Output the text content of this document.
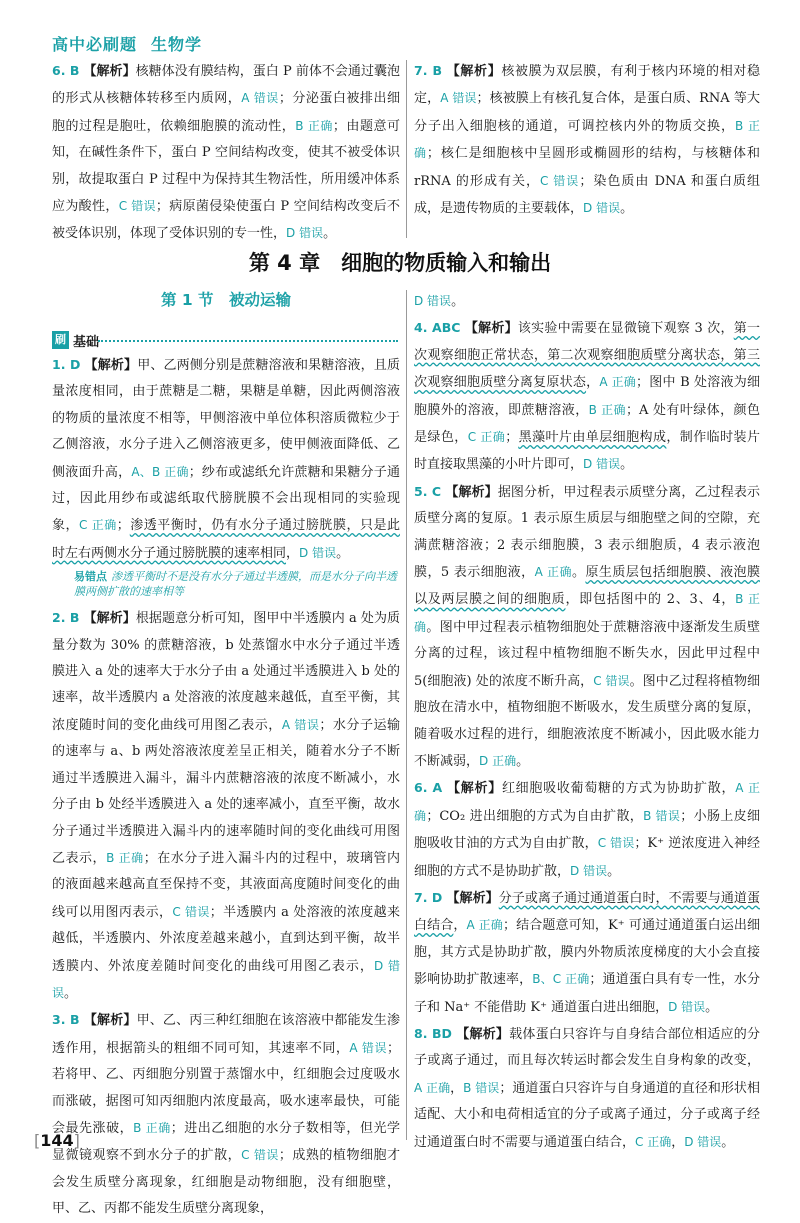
高中必刷题 生物学

6. B 【解析】核糖体没有膜结构，蛋白 P 前体不会通过囊泡的形式从核糖体转移至内质网，A 错误；分泌蛋白被排出细胞的过程是胞吐，依赖细胞膜的流动性，B 正确；由题意可知，在碱性条件下，蛋白 P 空间结构改变，使其不被受体识别，故提取蛋白 P 过程中为保持其生物活性，所用缓冲体系应为酸性，C 错误；病原菌侵染使蛋白 P 空间结构改变后不被受体识别，体现了受体识别的专一性，D 错误。

7. B 【解析】核被膜为双层膜，有利于核内环境的相对稳定，A 错误；核被膜上有核孔复合体，是蛋白质、RNA 等大分子出入细胞核的通道，可调控核内外的物质交换，B 正确；核仁是细胞核中呈圆形或椭圆形的结构，与核糖体和 rRNA 的形成有关，C 错误；染色质由 DNA 和蛋白质组成，是遗传物质的主要载体，D 错误。

第 4 章　细胞的物质输入和输出
第 1 节　被动运输
刷 基础

1. D 【解析】甲、乙两侧分别是蔗糖溶液和果糖溶液，且质量浓度相同，由于蔗糖是二糖，果糖是单糖，因此两侧溶液的物质的量浓度不相等，甲侧溶液中单位体积溶质微粒少于乙侧溶液，水分子进入乙侧溶液更多，使甲侧液面降低、乙侧液面升高，A、B 正确；纱布或滤纸允许蔗糖和果糖分子通过，因此用纱布或滤纸取代膀胱膜不会出现相同的实验现象，C 正确；渗透平衡时，仍有水分子通过膀胱膜，只是此时左右两侧水分子通过膀胱膜的速率相同，D 错误。

易错点 渗透平衡时不是没有水分子通过半透膜，而是水分子向半透膜两侧扩散的速率相等

2. B 【解析】根据题意分析可知，图甲中半透膜内 a 处为质量分数为 30% 的蔗糖溶液，b 处蒸馏水中水分子通过半透膜进入 a 处的速率大于水分子由 a 处通过半透膜进入 b 处的速率，故半透膜内 a 处溶液的浓度越来越低，直至平衡，其浓度随时间的变化曲线可用图乙表示，A 错误；水分子运输的速率与 a、b 两处溶液浓度差呈正相关，随着水分子不断通过半透膜进入漏斗，漏斗内蔗糖溶液的浓度不断减小，水分子由 b 处经半透膜进入 a 处的速率减小，直至平衡，故水分子通过半透膜进入漏斗内的速率随时间的变化曲线可用图乙表示，B 正确；在水分子进入漏斗内的过程中，玻璃管内的液面越来越高直至保持不变，其液面高度随时间变化的曲线可以用图丙表示，C 错误；半透膜内 a 处溶液的浓度越来越低，半透膜内、外浓度差越来越小，直到达到平衡，故半透膜内、外浓度差随时间变化的曲线可用图乙表示，D 错误。

3. B 【解析】甲、乙、丙三种红细胞在该溶液中都能发生渗透作用，根据箭头的粗细不同可知，其速率不同，A 错误；若将甲、乙、丙细胞分别置于蒸馏水中，红细胞会过度吸水而涨破，据图可知丙细胞内浓度最高，吸水速率最快，可能会最先涨破，B 正确；进出乙细胞的水分子数相等，但光学显微镜观察不到水分子的扩散，C 错误；成熟的植物细胞才会发生质壁分离现象，红细胞是动物细胞，没有细胞壁，甲、乙、丙都不能发生质壁分离现象，

D 错误。

4. ABC 【解析】该实验中需要在显微镜下观察 3 次，第一次观察细胞正常状态，第二次观察细胞质壁分离状态，第三次观察细胞质壁分离复原状态，A 正确；图中 B 处溶液为细胞膜外的溶液，即蔗糖溶液，B 正确；A 处有叶绿体，颜色是绿色，C 正确；黑藻叶片由单层细胞构成，制作临时装片时直接取黑藻的小叶片即可，D 错误。

5. C 【解析】据图分析，甲过程表示质壁分离，乙过程表示质壁分离的复原。1 表示原生质层与细胞壁之间的空隙，充满蔗糖溶液；2 表示细胞膜，3 表示细胞质，4 表示液泡膜，5 表示细胞液，A 正确。原生质层包括细胞膜、液泡膜以及两层膜之间的细胞质，即包括图中的 2、3、4，B 正确。图中甲过程表示植物细胞处于蔗糖溶液中逐渐发生质壁分离的过程，该过程中植物细胞不断失水，因此甲过程中 5(细胞液) 处的浓度不断升高，C 错误。图中乙过程将植物细胞放在清水中，植物细胞不断吸水，发生质壁分离的复原，随着吸水过程的进行，细胞液浓度不断减小，因此吸水能力不断减弱，D 正确。

6. A 【解析】红细胞吸收葡萄糖的方式为协助扩散，A 正确；CO₂ 进出细胞的方式为自由扩散，B 错误；小肠上皮细胞吸收甘油的方式为自由扩散，C 错误；K⁺ 逆浓度进入神经细胞的方式不是协助扩散，D 错误。

7. D 【解析】分子或离子通过通道蛋白时，不需要与通道蛋白结合，A 正确；结合题意可知，K⁺ 可通过通道蛋白运出细胞，其方式是协助扩散，膜内外物质浓度梯度的大小会直接影响协助扩散速率，B、C 正确；通道蛋白具有专一性，水分子和 Na⁺ 不能借助 K⁺ 通道蛋白进出细胞，D 错误。

8. BD 【解析】载体蛋白只容许与自身结合部位相适应的分子或离子通过，而且每次转运时都会发生自身构象的改变，A 正确，B 错误；通道蛋白只容许与自身通道的直径和形状相适配、大小和电荷相适宜的分子或离子通过，分子或离子经过通道蛋白时不需要与通道蛋白结合，C 正确，D 错误。

[ 144 ]
